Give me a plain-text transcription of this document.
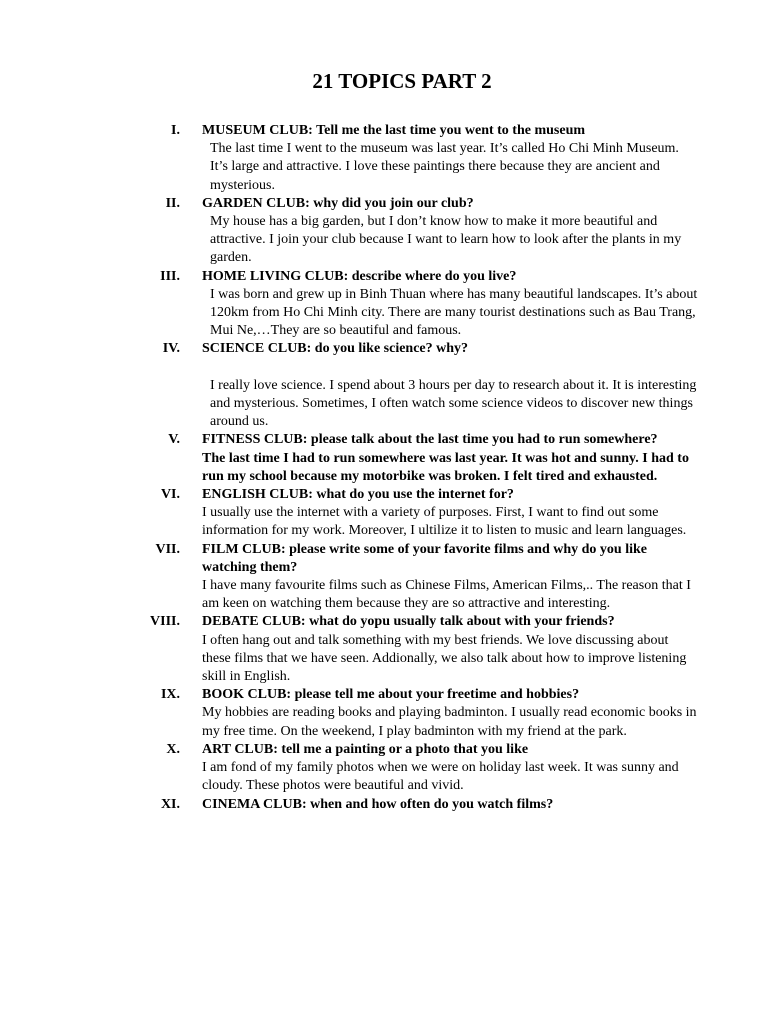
21 TOPICS PART 2
I. MUSEUM CLUB: Tell me the last time you went to the museum
The last time I went to the museum was last year. It’s called Ho Chi Minh Museum. It’s large and attractive. I love these paintings there because they are ancient and mysterious.
II. GARDEN CLUB: why did you join our club?
My house has a big garden, but I don’t know how to make it more beautiful and attractive. I join your club because I want to learn how to look after the plants in my garden.
III. HOME LIVING CLUB: describe where do you live?
I was born and grew up in Binh Thuan where has many beautiful landscapes. It’s about 120km from Ho Chi Minh city. There are many tourist destinations such as Bau Trang, Mui Ne,…They are so beautiful and famous.
IV. SCIENCE CLUB: do you like science? why?
I really love science. I spend about 3 hours per day to research about it. It is interesting and mysterious. Sometimes, I often watch some science videos to discover new things around us.
V. FITNESS CLUB: please talk about the last time you had to run somewhere?
The last time I had to run somewhere was last year. It was hot and sunny. I had to run my school because my motorbike was broken. I felt tired and exhausted.
VI. ENGLISH CLUB: what do you use the internet for?
I usually use the internet with a variety of purposes. First, I want to find out some information for my work. Moreover, I ultilize it to listen to music and learn languages.
VII. FILM CLUB: please write some of your favorite films and why do you like watching them?
I have many favourite films such as Chinese Films, American Films,.. The reason that I am keen on watching them because they are so attractive and interesting.
VIII. DEBATE CLUB: what do yopu usually talk about with your friends?
I often hang out and talk something with my best friends. We love discussing about these films that we have seen. Addionally, we also talk about how to improve listening skill in English.
IX. BOOK CLUB: please tell me about your freetime and hobbies?
My hobbies are reading books and playing badminton. I usually read economic books in my free time. On the weekend, I play badminton with my friend at the park.
X. ART CLUB: tell me a painting or a photo that you like
I am fond of my family photos when we were on holiday last week. It was sunny and cloudy. These photos were beautiful and vivid.
XI. CINEMA CLUB: when and how often do you watch films?
